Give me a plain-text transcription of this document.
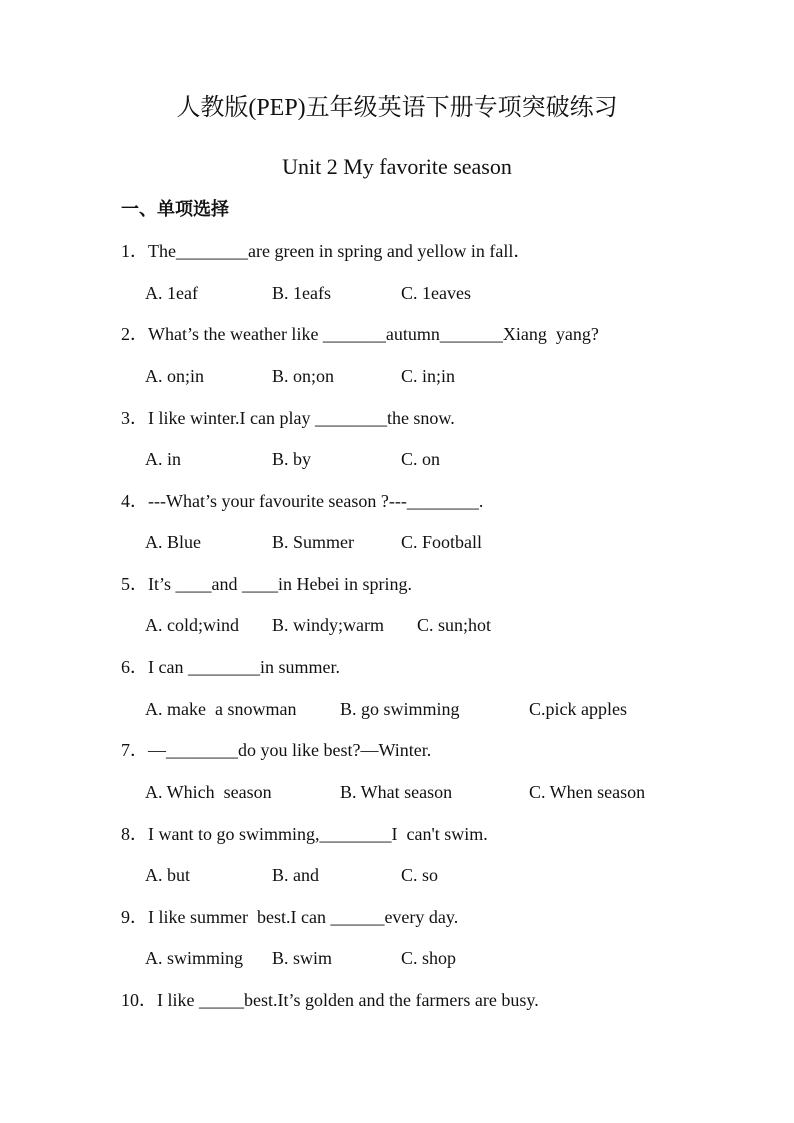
人教版(PEP)五年级英语下册专项突破练习
Unit 2 My favorite season
一、单项选择
1．The________are green in spring and yellow in fall．
A. 1eaf	B. 1eafs	C. 1eaves
2．What’s the weather like _______autumn_______Xiang  yang?
A. on;in	B. on;on	C. in;in
3．I like winter.I can play ________the snow.
A. in	B. by	C. on
4．---What’s your favourite season ?---________.
A. Blue	B. Summer	C. Football
5．It’s ____and ____in Hebei in spring.
A. cold;wind B. windy;warm C. sun;hot
6．I can ________in summer.
A. make  a snowman B. go swimming	C.pick apples
7．—________do you like best?—Winter.
A. Which  season	B. What season	C. When season
8．I want to go swimming,________I  can't swim.
A. but	B. and	C. so
9．I like summer  best.I can ______every day.
A. swimming B. swim	C. shop
10．I like _____best.It’s golden and the farmers are busy.
